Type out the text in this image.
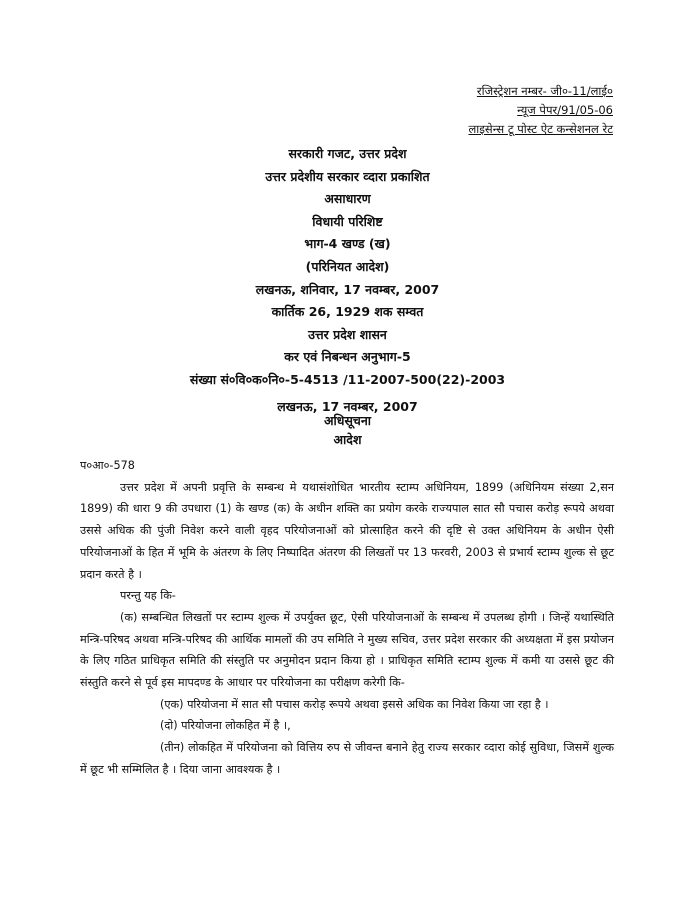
रजिस्ट्रेशन नम्बर- जी०-11/लाई०
न्यूज पेपर/91/05-06
लाइसेन्स टू पोस्ट ऐट कन्सेशनल रेट
सरकारी गजट, उत्तर प्रदेश
उत्तर प्रदेशीय सरकार व्दारा प्रकाशित
असाधारण
विधायी परिशिष्ट
भाग-4 खण्ड (ख)
(परिनियत आदेश)
लखनऊ, शनिवार, 17 नवम्बर, 2007
कार्तिक 26, 1929 शक सम्वत
उत्तर प्रदेश शासन
कर एवं निबन्धन अनुभाग-5
संख्या सं०वि०क०नि०-5-4513 /11-2007-500(22)-2003
लखनऊ, 17 नवम्बर, 2007
अधिसूचना
आदेश

प०आ०-578

उत्तर प्रदेश में अपनी प्रवृत्ति के सम्बन्ध मे यथासंशोधित भारतीय स्टाम्प अधिनियम, 1899 (अधिनियम संख्या 2,सन 1899) की धारा 9 की उपधारा (1) के खण्ड (क) के अधीन शक्ति का प्रयोग करके राज्यपाल सात सौ पचास करोड़ रूपये अथवा उससे अधिक की पुंजी निवेश करने वाली वृहद परियोजनाओं को प्रोत्साहित करने की दृष्टि से उक्त अधिनियम के अधीन ऐसी परियोजनाओं के हित में भूमि के अंतरण के लिए निष्पादित अंतरण की लिखतों पर 13 फरवरी, 2003 से प्रभार्य स्टाम्प शुल्क से छूट प्रदान करते है ।

परन्तु यह कि-

(क) सम्बन्धित लिखतों पर स्टाम्प शुल्क में उपर्युक्त छूट, ऐसी परियोजनाओं के सम्बन्ध में उपलब्ध होगी । जिन्हें यथास्थिति मन्त्रि-परिषद अथवा मन्त्रि-परिषद की आर्थिक मामलों की उप समिति ने मुख्य सचिव, उत्तर प्रदेश सरकार की अध्यक्षता में इस प्रयोजन के लिए गठित प्राधिकृत समिति की संस्तुति पर अनुमोदन प्रदान किया हो । प्राधिकृत समिति स्टाम्प शुल्क में कमी या उससे छूट की संस्तुति करने से पूर्व इस मापदण्ड के आधार पर परियोजना का परीक्षण करेगी कि-

(एक) परियोजना में सात सौ पचास करोड़ रूपये अथवा इससे अधिक का निवेश किया जा रहा है ।

(दो) परियोजना लोकहित में है ।,

(तीन) लोकहित में परियोजना को वित्तिय रुप से जीवन्त बनाने हेतु राज्य सरकार व्दारा कोई सुविधा, जिसमें शुल्क में छूट भी सम्मिलित है । दिया जाना आवश्यक है ।
